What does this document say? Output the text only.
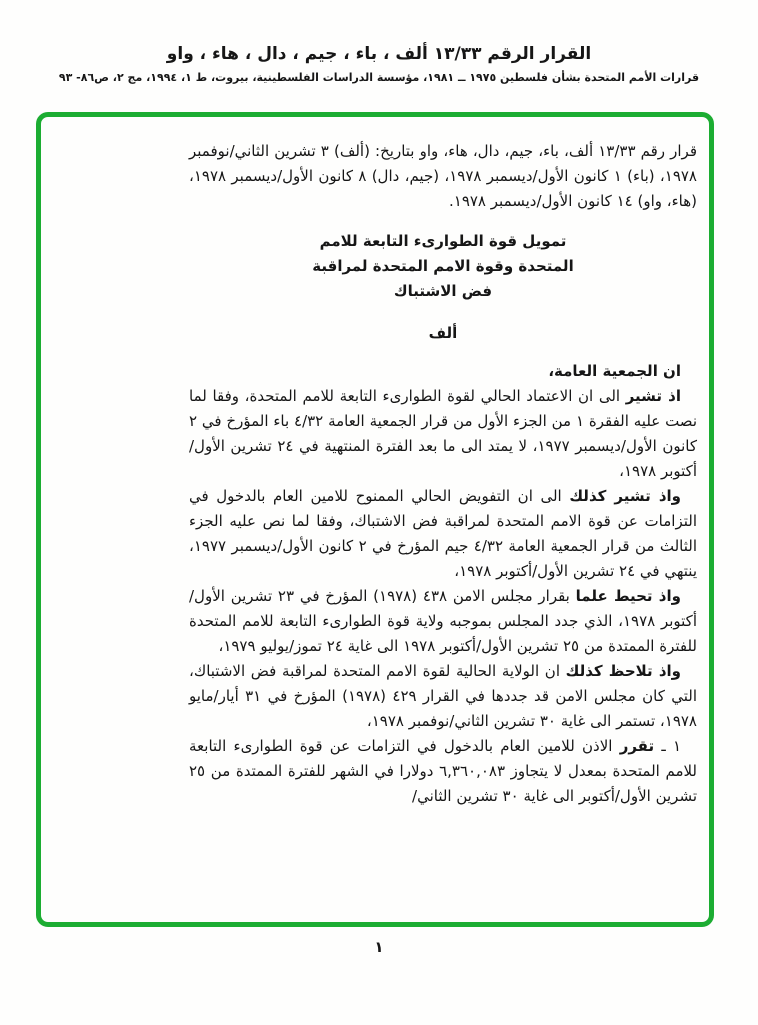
القرار الرقم ١٣/٣٣ ألف ، باء ، جيم ، دال ، هاء ، واو
قرارات الأمم المتحدة بشأن فلسطين ١٩٧٥ ــ ١٩٨١، مؤسسة الدراسات الفلسطينية، بيروت، ط ١، ١٩٩٤، مج ٢، ص٨٦- ٩٣

قرار رقم ١٣/٣٣ ألف، باء، جيم، دال، هاء، واو بتاريخ: (ألف) ٣ تشرين الثاني/نوفمبر ١٩٧٨، (باء) ١ كانون الأول/ديسمبر ١٩٧٨، (جيم، دال) ٨ كانون الأول/ديسمبر ١٩٧٨، (هاء، واو) ١٤ كانون الأول/ديسمبر ١٩٧٨.

تمويل قوة الطوارىء التابعة للامم
المتحدة وقوة الامم المتحدة لمراقبة
فض الاشتباك
ألف

ان الجمعية العامة،

اذ تشير الى ان الاعتماد الحالي لقوة الطوارىء التابعة للامم المتحدة، وفقا لما نصت عليه الفقرة ١ من الجزء الأول من قرار الجمعية العامة ٤/٣٢ باء المؤرخ في ٢ كانون الأول/ديسمبر ١٩٧٧، لا يمتد الى ما بعد الفترة المنتهية في ٢٤ تشرين الأول/أكتوبر ١٩٧٨،

واذ تشير كذلك الى ان التفويض الحالي الممنوح للامين العام بالدخول في التزامات عن قوة الامم المتحدة لمراقبة فض الاشتباك، وفقا لما نص عليه الجزء الثالث من قرار الجمعية العامة ٤/٣٢ جيم المؤرخ في ٢ كانون الأول/ديسمبر ١٩٧٧، ينتهي في ٢٤ تشرين الأول/أكتوبر ١٩٧٨،

واذ تحيط علما بقرار مجلس الامن ٤٣٨ (١٩٧٨) المؤرخ في ٢٣ تشرين الأول/أكتوبر ١٩٧٨، الذي جدد المجلس بموجبه ولاية قوة الطوارىء التابعة للامم المتحدة للفترة الممتدة من ٢٥ تشرين الأول/أكتوبر ١٩٧٨ الى غاية ٢٤ تموز/يوليو ١٩٧٩،

واذ تلاحظ كذلك ان الولاية الحالية لقوة الامم المتحدة لمراقبة فض الاشتباك، التي كان مجلس الامن قد جددها في القرار ٤٢٩ (١٩٧٨) المؤرخ في ٣١ أيار/مايو ١٩٧٨، تستمر الى غاية ٣٠ تشرين الثاني/نوفمبر ١٩٧٨،

١ ـ تقرر الاذن للامين العام بالدخول في التزامات عن قوة الطوارىء التابعة للامم المتحدة بمعدل لا يتجاوز ٦,٣٦٠,٠٨٣ دولارا في الشهر للفترة الممتدة من ٢٥ تشرين الأول/أكتوبر الى غاية ٣٠ تشرين الثاني/

١
